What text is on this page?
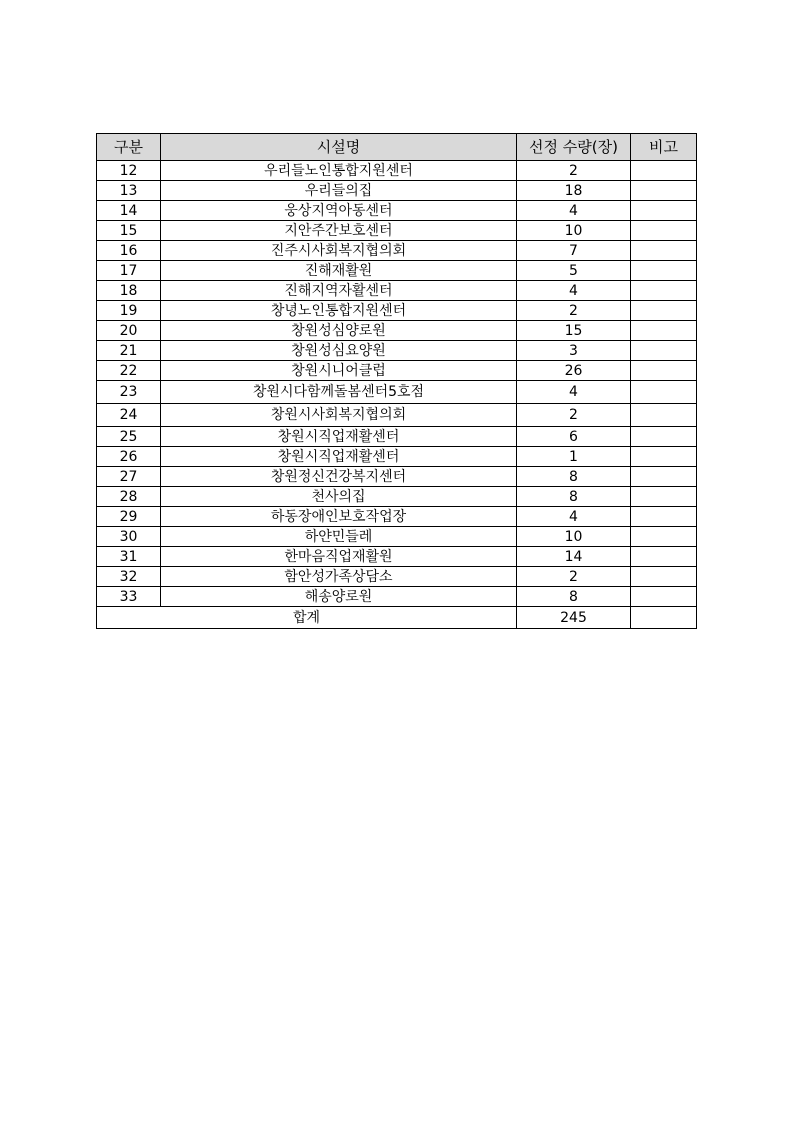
구분	시설명	선정 수량(장)	비고
12	우리들노인통합지원센터	2	
13	우리들의집	18	
14	웅상지역아동센터	4	
15	지안주간보호센터	10	
16	진주시사회복지협의회	7	
17	진해재활원	5	
18	진해지역자활센터	4	
19	창녕노인통합지원센터	2	
20	창원성심양로원	15	
21	창원성심요양원	3	
22	창원시니어클럽	26	
23	창원시다함께돌봄센터5호점	4	
24	창원시사회복지협의회	2	
25	창원시직업재활센터	6	
26	창원시직업재활센터	1	
27	창원정신건강복지센터	8	
28	천사의집	8	
29	하동장애인보호작업장	4	
30	하얀민들레	10	
31	한마음직업재활원	14	
32	함안성가족상담소	2	
33	해송양로원	8	
합계		245	
